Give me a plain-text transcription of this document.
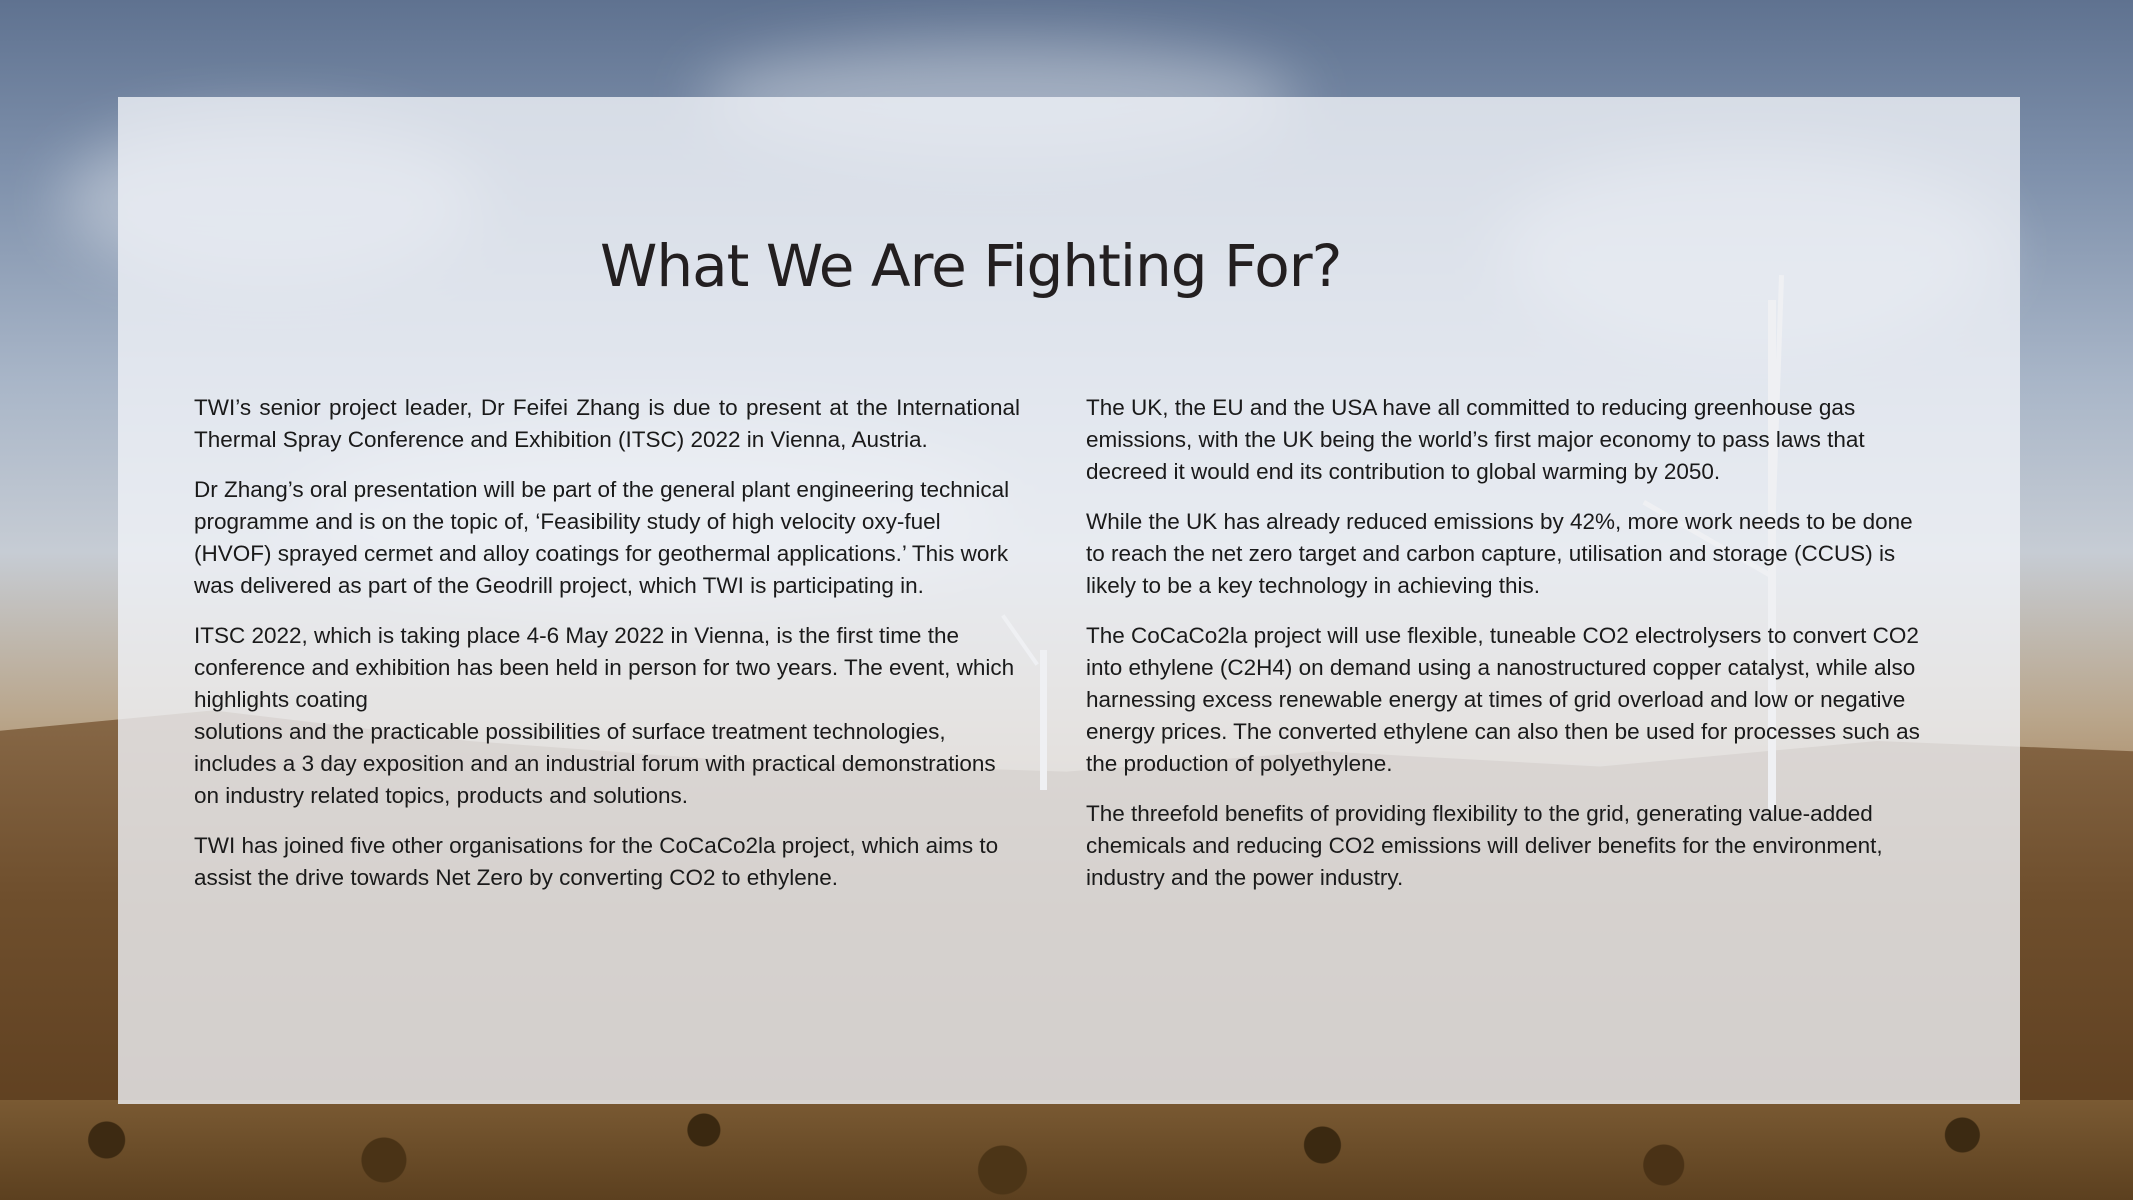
What We Are Fighting For?

TWI’s senior project leader, Dr Feifei Zhang is due to present at the International Thermal Spray Conference and Exhibition (ITSC) 2022 in Vienna, Austria.

Dr Zhang’s oral presentation will be part of the general plant engineering technical programme and is on the topic of, ‘Feasibility study of high velocity oxy-fuel (HVOF) sprayed cermet and alloy coatings for geothermal applications.’ This work was delivered as part of the Geodrill project, which TWI is participating in.

ITSC 2022, which is taking place 4-6 May 2022 in Vienna, is the first time the conference and exhibition has been held in person for two years. The event, which highlights coating

solutions and the practicable possibilities of surface treatment technologies, includes a 3 day exposition and an industrial forum with practical demonstrations on industry related topics, products and solutions.

TWI has joined five other organisations for the CoCaCo2la project, which aims to assist the drive towards Net Zero by converting CO2 to ethylene.

The UK, the EU and the USA have all committed to reducing greenhouse gas emissions, with the UK being the world’s first major economy to pass laws that decreed it would end its contribution to global warming by 2050.

While the UK has already reduced emissions by 42%, more work needs to be done to reach the net zero target and carbon capture, utilisation and storage (CCUS) is likely to be a key technology in achieving this.

The CoCaCo2la project will use flexible, tuneable CO2 electrolysers to convert CO2 into ethylene (C2H4) on demand using a nanostructured copper catalyst, while also harnessing excess renewable energy at times of grid overload and low or negative energy prices. The converted ethylene can also then be used for processes such as the production of polyethylene.

The threefold benefits of providing flexibility to the grid, generating value-added chemicals and reducing CO2 emissions will deliver benefits for the environment, industry and the power industry.
